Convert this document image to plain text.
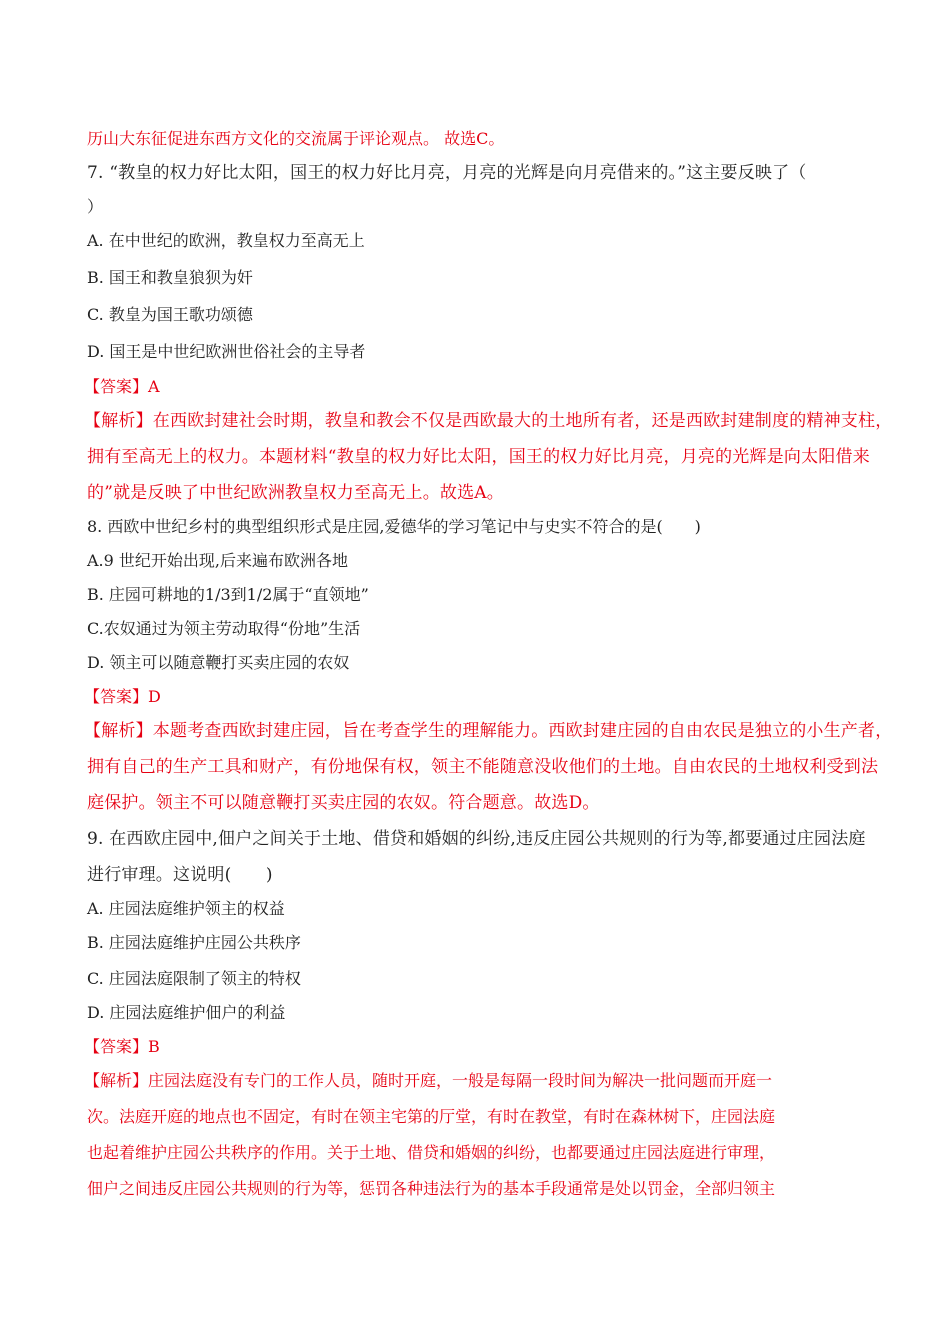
历山大东征促进东西方文化的交流属于评论观点。 故选C。
7. “教皇的权力好比太阳，国王的权力好比月亮，月亮的光辉是向月亮借来的。”这主要反映了（
）
A. 在中世纪的欧洲，教皇权力至高无上
B. 国王和教皇狼狈为奸
C. 教皇为国王歌功颂德
D. 国王是中世纪欧洲世俗社会的主导者
【答案】A
【解析】在西欧封建社会时期，教皇和教会不仅是西欧最大的土地所有者，还是西欧封建制度的精神支柱，
拥有至高无上的权力。本题材料“教皇的权力好比太阳，国王的权力好比月亮，月亮的光辉是向太阳借来
的”就是反映了中世纪欧洲教皇权力至高无上。故选A。
8. 西欧中世纪乡村的典型组织形式是庄园,爱德华的学习笔记中与史实不符合的是(　　)
A.9 世纪开始出现,后来遍布欧洲各地
B. 庄园可耕地的1/3到1/2属于“直领地”
C.农奴通过为领主劳动取得“份地”生活
D. 领主可以随意鞭打买卖庄园的农奴
【答案】D
【解析】本题考查西欧封建庄园，旨在考查学生的理解能力。西欧封建庄园的自由农民是独立的小生产者，
拥有自己的生产工具和财产，有份地保有权，领主不能随意没收他们的土地。自由农民的土地权利受到法
庭保护。领主不可以随意鞭打买卖庄园的农奴。符合题意。故选D。
9. 在西欧庄园中,佃户之间关于土地、借贷和婚姻的纠纷,违反庄园公共规则的行为等,都要通过庄园法庭
进行审理。这说明(　　)
A. 庄园法庭维护领主的权益
B. 庄园法庭维护庄园公共秩序
C. 庄园法庭限制了领主的特权
D. 庄园法庭维护佃户的利益
【答案】B
【解析】庄园法庭没有专门的工作人员，随时开庭，一般是每隔一段时间为解决一批问题而开庭一
次。法庭开庭的地点也不固定，有时在领主宅第的厅堂，有时在教堂，有时在森林树下，庄园法庭
也起着维护庄园公共秩序的作用。关于土地、借贷和婚姻的纠纷，也都要通过庄园法庭进行审理，
佃户之间违反庄园公共规则的行为等，惩罚各种违法行为的基本手段通常是处以罚金，全部归领主
